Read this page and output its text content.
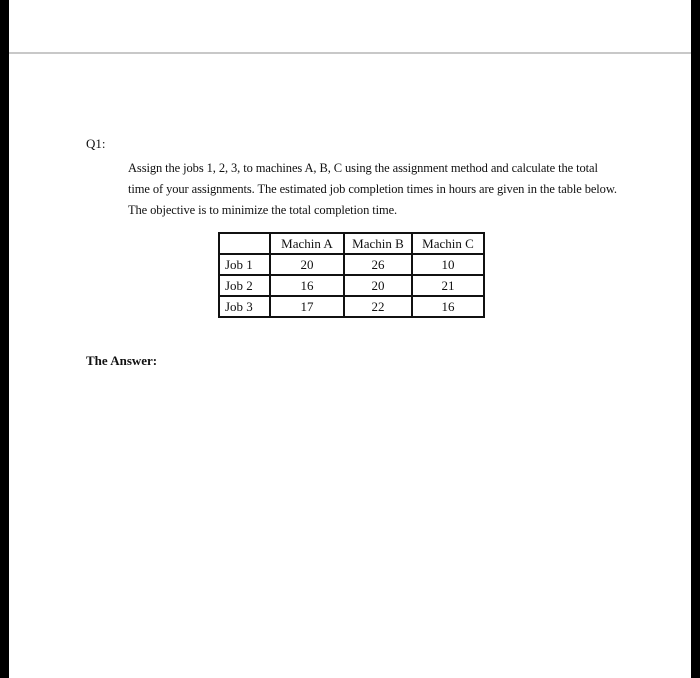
Q1:
Assign the jobs 1, 2, 3, to machines A, B, C using the assignment method and calculate the total
time of your assignments. The estimated job completion times in hours are given in the table below.
The objective is to minimize the total completion time.
	Machin A	Machin B	Machin C
Job 1	20	26	10
Job 2	16	20	21
Job 3	17	22	16
The Answer:
